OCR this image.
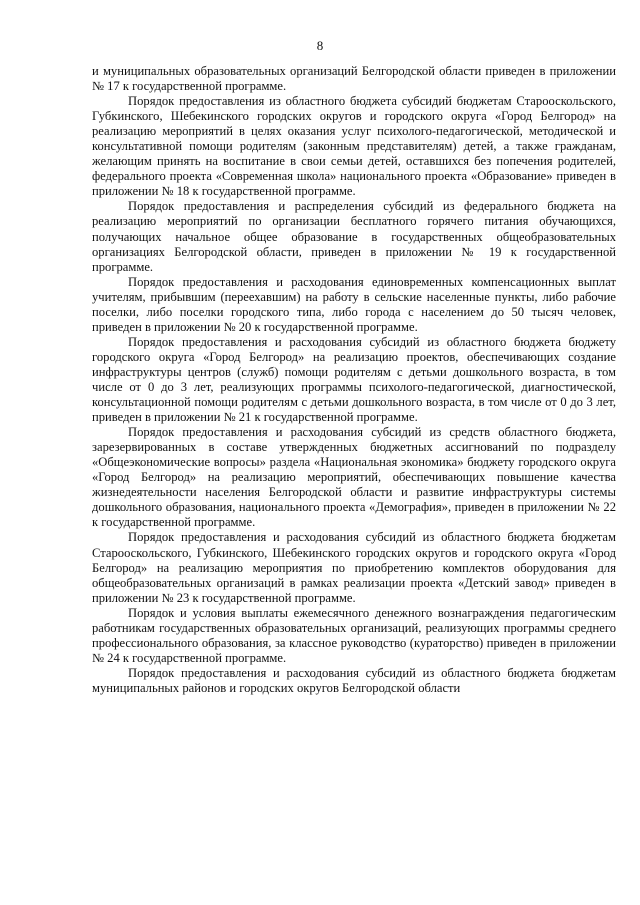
8

и муниципальных образовательных организаций Белгородской области приведен в приложении № 17 к государственной программе.

Порядок предоставления из областного бюджета субсидий бюджетам Старооскольского, Губкинского, Шебекинского городских округов и городского округа «Город Белгород» на реализацию мероприятий в целях оказания услуг психолого-педагогической, методической и консультативной помощи родителям (законным представителям) детей, а также гражданам, желающим принять на воспитание в свои семьи детей, оставшихся без попечения родителей, федерального проекта «Современная школа» национального проекта «Образование» приведен в приложении № 18 к государственной программе.

Порядок предоставления и распределения субсидий из федерального бюджета на реализацию мероприятий по организации бесплатного горячего питания обучающихся, получающих начальное общее образование в государственных общеобразовательных организациях Белгородской области, приведен в приложении № 19 к государственной программе.

Порядок предоставления и расходования единовременных компенсационных выплат учителям, прибывшим (переехавшим) на работу в сельские населенные пункты, либо рабочие поселки, либо поселки городского типа, либо города с населением до 50 тысяч человек, приведен в приложении № 20 к государственной программе.

Порядок предоставления и расходования субсидий из областного бюджета бюджету городского округа «Город Белгород» на реализацию проектов, обеспечивающих создание инфраструктуры центров (служб) помощи родителям с детьми дошкольного возраста, в том числе от 0 до 3 лет, реализующих программы психолого-педагогической, диагностической, консультационной помощи родителям с детьми дошкольного возраста, в том числе от 0 до 3 лет, приведен в приложении № 21 к государственной программе.

Порядок предоставления и расходования субсидий из средств областного бюджета, зарезервированных в составе утвержденных бюджетных ассигнований по подразделу «Общеэкономические вопросы» раздела «Национальная экономика» бюджету городского округа «Город Белгород» на реализацию мероприятий, обеспечивающих повышение качества жизнедеятельности населения Белгородской области и развитие инфраструктуры системы дошкольного образования, национального проекта «Демография», приведен в приложении № 22 к государственной программе.

Порядок предоставления и расходования субсидий из областного бюджета бюджетам Старооскольского, Губкинского, Шебекинского городских округов и городского округа «Город Белгород» на реализацию мероприятия по приобретению комплектов оборудования для общеобразовательных организаций в рамках реализации проекта «Детский завод» приведен в приложении № 23 к государственной программе.

Порядок и условия выплаты ежемесячного денежного вознаграждения педагогическим работникам государственных образовательных организаций, реализующих программы среднего профессионального образования, за классное руководство (кураторство) приведен в приложении № 24 к государственной программе.

Порядок предоставления и расходования субсидий из областного бюджета бюджетам муниципальных районов и городских округов Белгородской области
